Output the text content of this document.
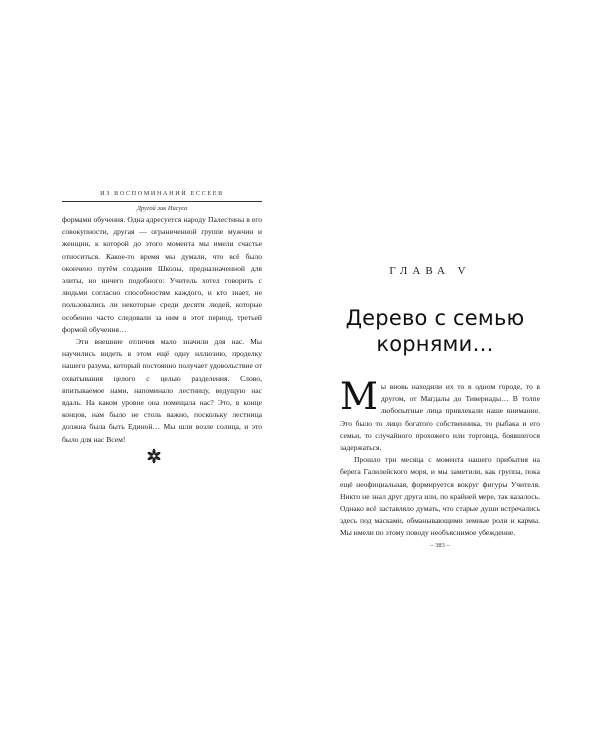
ИЗ ВОСПОМИНАНИЙ ЕССЕЕВ
Другой лик Иисуса

формами обучения. Одна адресуется народу Палестины в его совокупности, другая — ограниченной группе мужчин и женщин, к которой до этого момента мы имели счастье относиться. Какое-то время мы думали, что всё было окончено путём создания Школы, предназначенной для элиты, но ничего подобного: Учитель хотел говорить с людьми согласно способностям каждого, и кто знает, не пользовались ли некоторые среди десяти людей, которые особенно часто следовали за ним в этот период, третьей формой обучения…

Эти внешние отличия мало значили для нас. Мы научились видеть в этом ещё одну иллюзию, проделку нашего разума, который постоянно получает удовольствие от охватывания целого с целью разделения. Слово, впитываемое нами, напоминало лестницу, ведущую нас вдаль. На каком уровне она помещала нас? Это, в конце концов, нам было не столь важно, поскольку лестница должна была быть Единой… Мы шли возле солнца, и это было для нас Всем!

ГЛАВА V
Дерево с семью
корнями…

Мы вновь находили их то в одном городе, то в другом, от Магдалы до Тивериады… В толпе любопытные лица привлекали наше внимание. Это было то лицо богатого собственника, то рыбака и его семьи, то случайного прохожего или торговца, боявшегося задержаться.

Прошло три месяца с момента нашего прибытия на берега Галилейского моря, и мы заметили, как группа, пока ещё неофициальная, формируется вокруг фигуры Учителя. Никто не знал друг друга или, по крайней мере, так казалось. Однако всё заставляло думать, что старые души встречались здесь под масками, обманывающими земные роли и кармы. Мы имели по этому поводу необъяснимое убеждение.

– 383 –
